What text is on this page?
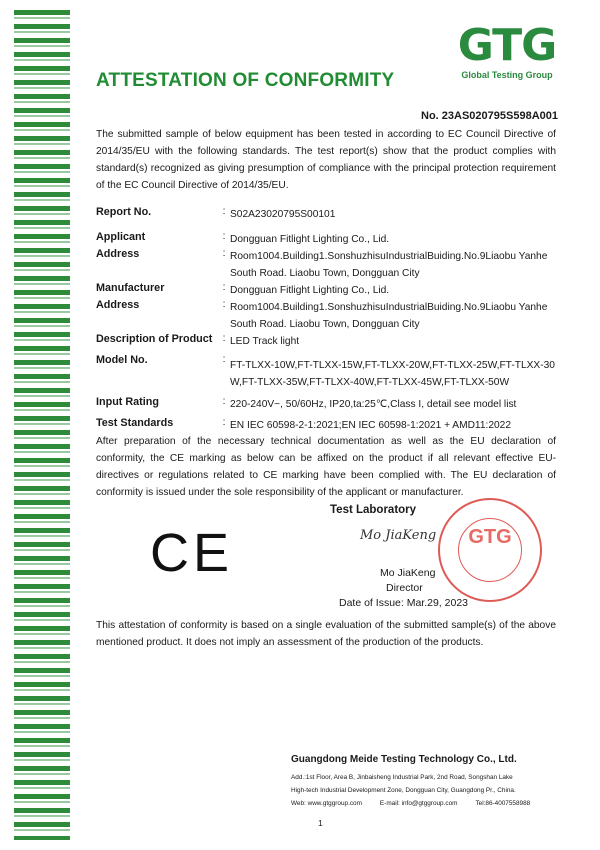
ATTESTATION OF CONFORMITY
GTG
Global Testing Group
No. 23AS020795S598A001
The submitted sample of below equipment has been tested in according to EC Council Directive of 2014/35/EU with the following standards. The test report(s) show that the product complies with standard(s) recognized as giving presumption of compliance with the principal protection requirement of the EC Council Directive of 2014/35/EU.
Report No.	: S02A23020795S00101
Applicant	: Dongguan Fitlight Lighting Co., Lid.
Address	: Room1004.Building1.SonshuzhisuIndustrialBuiding.No.9Liaobu Yanhe
South Road. Liaobu Town, Dongguan City
Manufacturer	: Dongguan Fitlight Lighting Co., Lid.
Address	: Room1004.Building1.SonshuzhisuIndustrialBuiding.No.9Liaobu Yanhe
South Road. Liaobu Town, Dongguan City
Description of Product	: LED Track light
Model No.	:
FT-TLXX-10W,FT-TLXX-15W,FT-TLXX-20W,FT-TLXX-25W,FT-TLXX-30
W,FT-TLXX-35W,FT-TLXX-40W,FT-TLXX-45W,FT-TLXX-50W
Input Rating	: 220-240V~, 50/60Hz, IP20,ta:25℃,Class I, detail see model list
Test Standards	: EN IEC 60598-2-1:2021;EN IEC 60598-1:2021 + AMD11:2022
After preparation of the necessary technical documentation as well as the EU declaration of conformity, the CE marking as below can be affixed on the product if all relevant effective EU-directives or regulations related to CE marking have been complied with. The EU declaration of conformity is issued under the sole responsibility of the applicant or manufacturer.
CE	GTG
Test Laboratory
Mo JiaKeng
Mo JiaKeng
Director
Date of Issue: Mar.29, 2023
This attestation of conformity is based on a single evaluation of the submitted sample(s) of the above mentioned product. It does not imply an assessment of the production of the products.
Guangdong Meide Testing Technology Co., Ltd.
Add.:1st Floor, Area B, Jinbaisheng Industrial Park, 2nd Road, Songshan Lake
High-tech Industrial Development Zone, Dongguan City, Guangdong Pr., China.
Web: www.gtggroup.com	E-mail: info@gtggroup.com	Tel:86-4007558988
1
